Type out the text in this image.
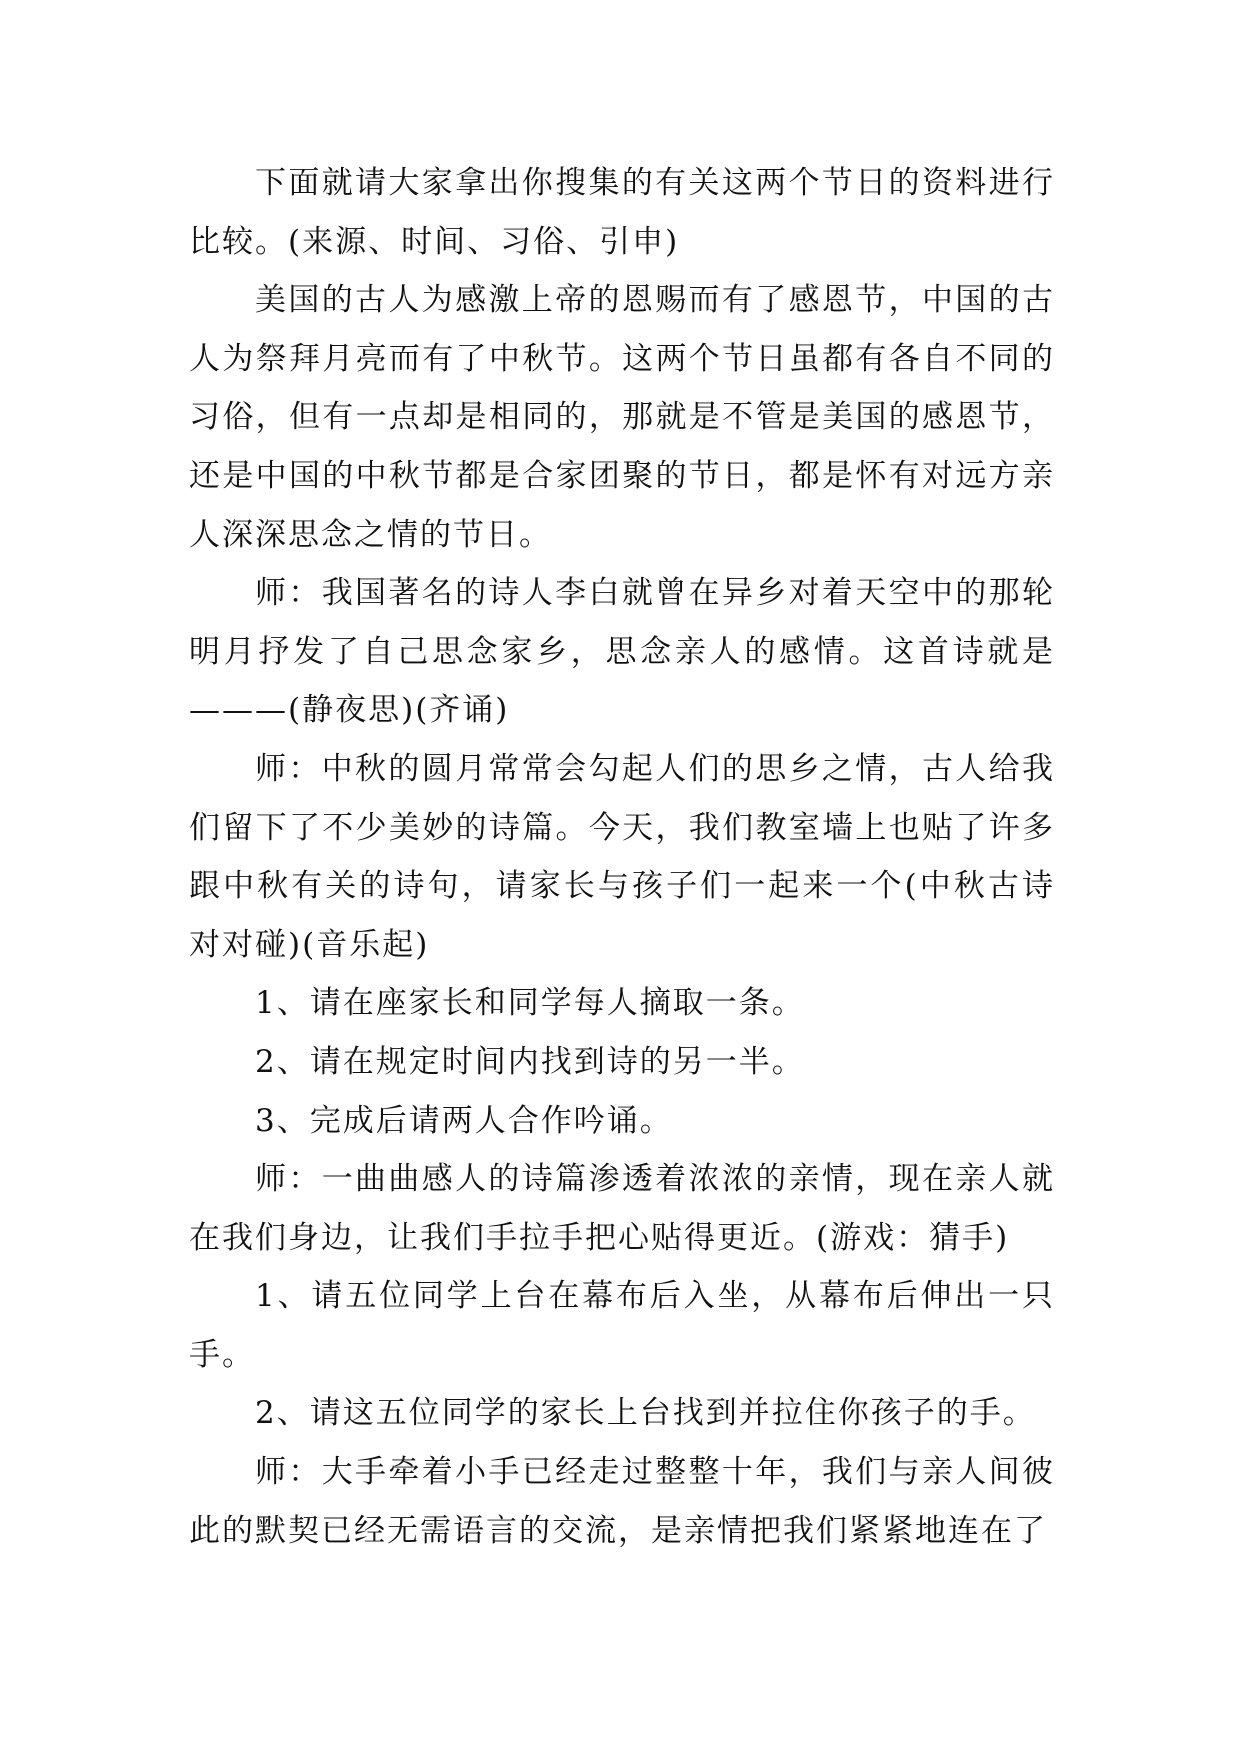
下面就请大家拿出你搜集的有关这两个节日的资料进行比较。(来源、时间、习俗、引申)

美国的古人为感激上帝的恩赐而有了感恩节，中国的古人为祭拜月亮而有了中秋节。这两个节日虽都有各自不同的习俗，但有一点却是相同的，那就是不管是美国的感恩节，还是中国的中秋节都是合家团聚的节日，都是怀有对远方亲人深深思念之情的节日。

师：我国著名的诗人李白就曾在异乡对着天空中的那轮明月抒发了自己思念家乡，思念亲人的感情。这首诗就是———(静夜思)(齐诵)

师：中秋的圆月常常会勾起人们的思乡之情，古人给我们留下了不少美妙的诗篇。今天，我们教室墙上也贴了许多跟中秋有关的诗句，请家长与孩子们一起来一个(中秋古诗对对碰)(音乐起)

1、请在座家长和同学每人摘取一条。

2、请在规定时间内找到诗的另一半。

3、完成后请两人合作吟诵。

师：一曲曲感人的诗篇渗透着浓浓的亲情，现在亲人就在我们身边，让我们手拉手把心贴得更近。(游戏：猜手)

1、请五位同学上台在幕布后入坐，从幕布后伸出一只手。

2、请这五位同学的家长上台找到并拉住你孩子的手。

师：大手牵着小手已经走过整整十年，我们与亲人间彼此的默契已经无需语言的交流，是亲情把我们紧紧地连在了
